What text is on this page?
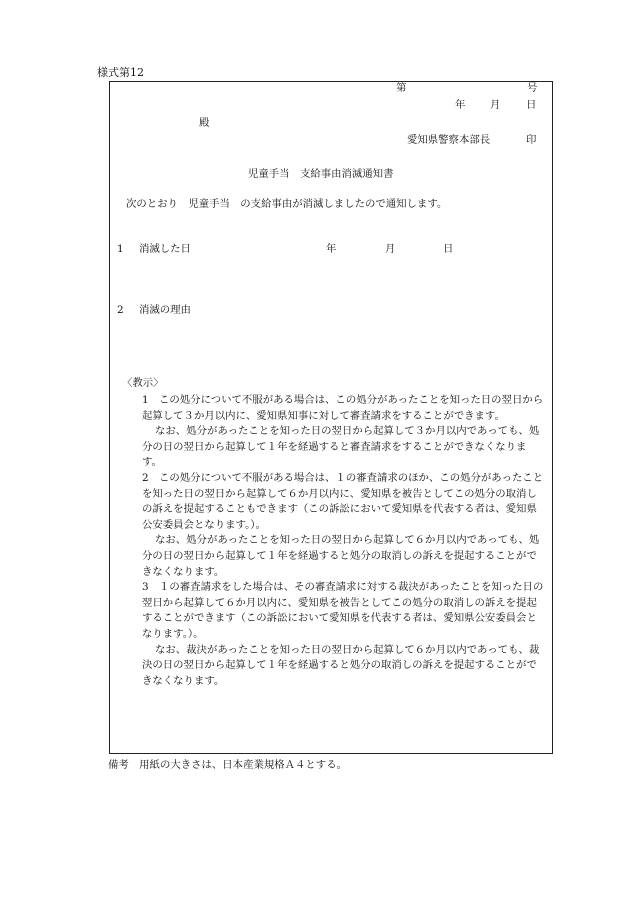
様式第12
第	号
年 月 日
殿
愛知県警察本部長	印
児童手当　支給事由消滅通知書
次のとおり　児童手当　の支給事由が消滅しましたので通知します。
1 消滅した日	年	月	日
2 消滅の理由
〈教示〉

1　この処分について不服がある場合は、この処分があったことを知った日の翌日から起算して３か月以内に、愛知県知事に対して審査請求をすることができます。

なお、処分があったことを知った日の翌日から起算して３か月以内であっても、処分の日の翌日から起算して１年を経過すると審査請求をすることができなくなります。

2　この処分について不服がある場合は、１の審査請求のほか、この処分があったことを知った日の翌日から起算して６か月以内に、愛知県を被告としてこの処分の取消しの訴えを提起することもできます（この訴訟において愛知県を代表する者は、愛知県公安委員会となります。）。

なお、処分があったことを知った日の翌日から起算して６か月以内であっても、処分の日の翌日から起算して１年を経過すると処分の取消しの訴えを提起することができなくなります。

3　１の審査請求をした場合は、その審査請求に対する裁決があったことを知った日の翌日から起算して６か月以内に、愛知県を被告としてこの処分の取消しの訴えを提起することができます（この訴訟において愛知県を代表する者は、愛知県公安委員会となります。）。

なお、裁決があったことを知った日の翌日から起算して６か月以内であっても、裁決の日の翌日から起算して１年を経過すると処分の取消しの訴えを提起することができなくなります。

備考　用紙の大きさは、日本産業規格Ａ４とする。
